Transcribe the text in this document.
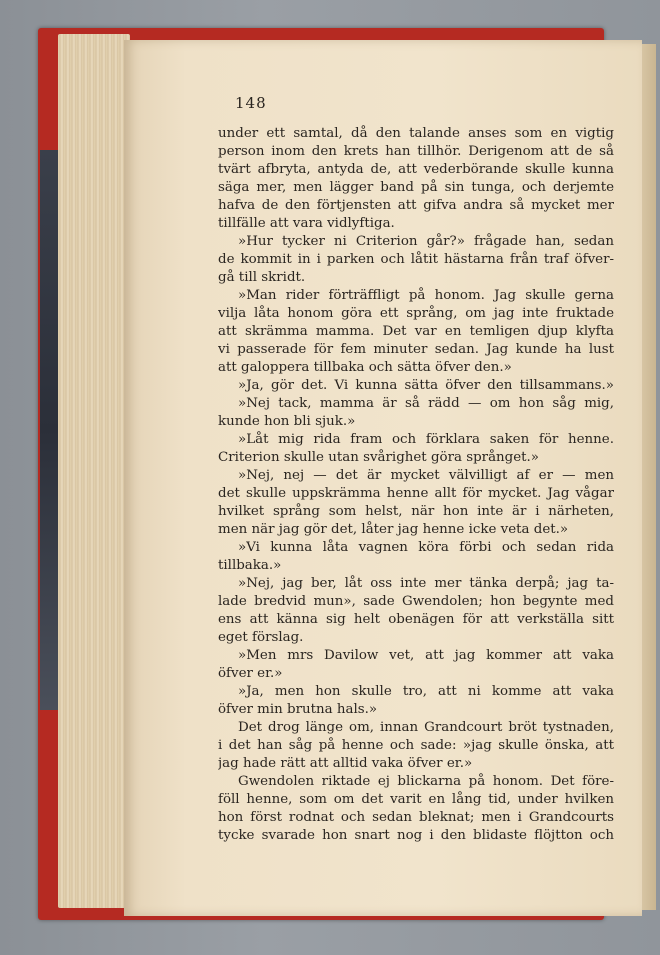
148
under ett samtal, då den talande anses som en vigtig
person inom den krets han tillhör. Derigenom att de så
tvärt afbryta, antyda de, att vederbörande skulle kunna
säga mer, men lägger band på sin tunga, och derjemte
hafva de den förtjensten att gifva andra så mycket mer
tillfälle att vara vidlyftiga.
»Hur tycker ni Criterion går?» frågade han, sedan
de kommit in i parken och låtit hästarna från traf öfver-
gå till skridt.
»Man rider förträffligt på honom. Jag skulle gerna
vilja låta honom göra ett språng, om jag inte fruktade
att skrämma mamma. Det var en temligen djup klyfta
vi passerade för fem minuter sedan. Jag kunde ha lust
att galoppera tillbaka och sätta öfver den.»
»Ja, gör det. Vi kunna sätta öfver den tillsammans.»
»Nej tack, mamma är så rädd — om hon såg mig,
kunde hon bli sjuk.»
»Låt mig rida fram och förklara saken för henne.
Criterion skulle utan svårighet göra språnget.»
»Nej, nej — det är mycket välvilligt af er — men
det skulle uppskrämma henne allt för mycket. Jag vågar
hvilket språng som helst, när hon inte är i närheten,
men när jag gör det, låter jag henne icke veta det.»
»Vi kunna låta vagnen köra förbi och sedan rida
tillbaka.»
»Nej, jag ber, låt oss inte mer tänka derpå; jag ta-
lade bredvid mun», sade Gwendolen; hon begynte med
ens att känna sig helt obenägen för att verkställa sitt
eget förslag.
»Men mrs Davilow vet, att jag kommer att vaka
öfver er.»
»Ja, men hon skulle tro, att ni komme att vaka
öfver min brutna hals.»
Det drog länge om, innan Grandcourt bröt tystnaden,
i det han såg på henne och sade: »jag skulle önska, att
jag hade rätt att alltid vaka öfver er.»
Gwendolen riktade ej blickarna på honom. Det före-
föll henne, som om det varit en lång tid, under hvilken
hon först rodnat och sedan bleknat; men i Grandcourts
tycke svarade hon snart nog i den blidaste flöjtton och
